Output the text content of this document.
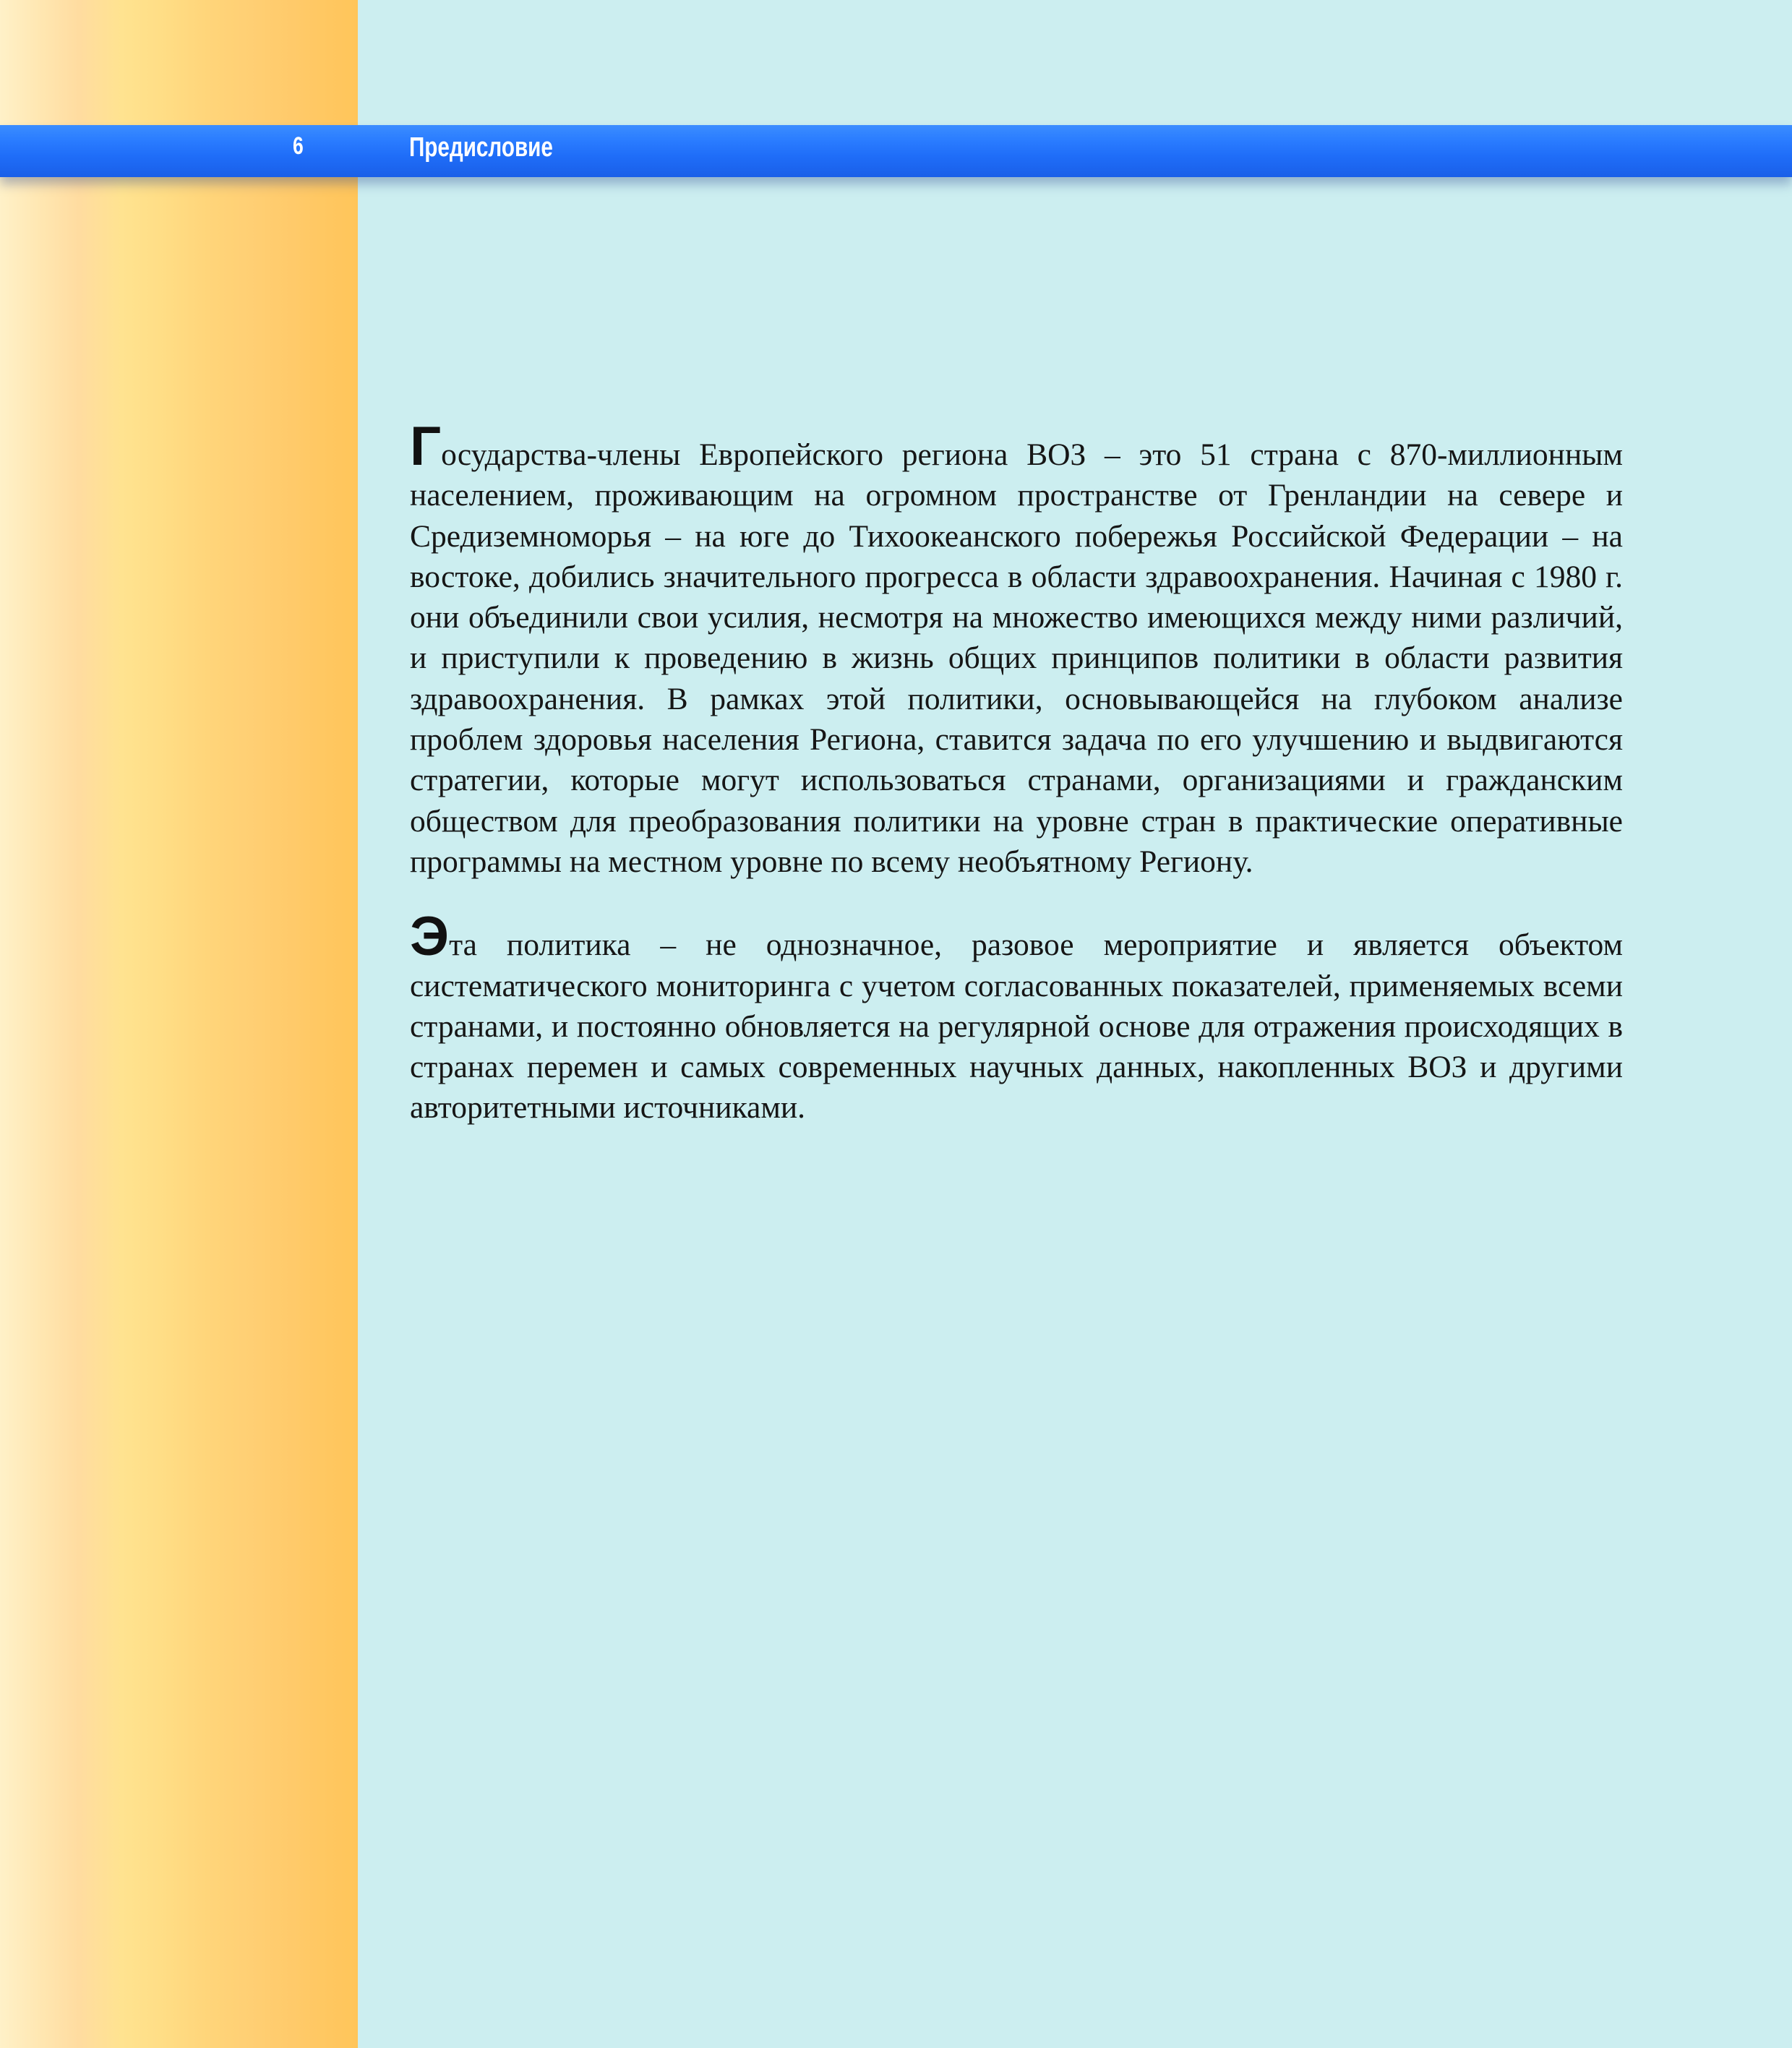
6	Предисловие

Государства-члены Европейского региона ВОЗ – это 51 страна с 870-миллионным населением, проживающим на огромном пространстве от Гренландии на севере и Средиземноморья – на юге до Тихоокеанского побережья Российской Федерации – на востоке, добились значительного прогресса в области здравоохранения. Начиная с 1980 г. они объединили свои усилия, несмотря на множество имеющихся между ними различий, и приступили к проведению в жизнь общих принципов политики в области развития здравоохранения. В рамках этой политики, основывающейся на глубоком анализе проблем здоровья населения Региона, ставится задача по его улучшению и выдвигаются стратегии, которые могут использоваться странами, организациями и гражданским обществом для преобразования политики на уровне стран в практические оперативные программы на местном уровне по всему необъятному Региону.

Эта политика – не однозначное, разовое мероприятие и является объектом систематического мониторинга с учетом согласованных показателей, применяемых всеми странами, и постоянно обновляется на регулярной основе для отражения происходящих в странах перемен и самых современных научных данных, накопленных ВОЗ и другими авторитетными источниками.
